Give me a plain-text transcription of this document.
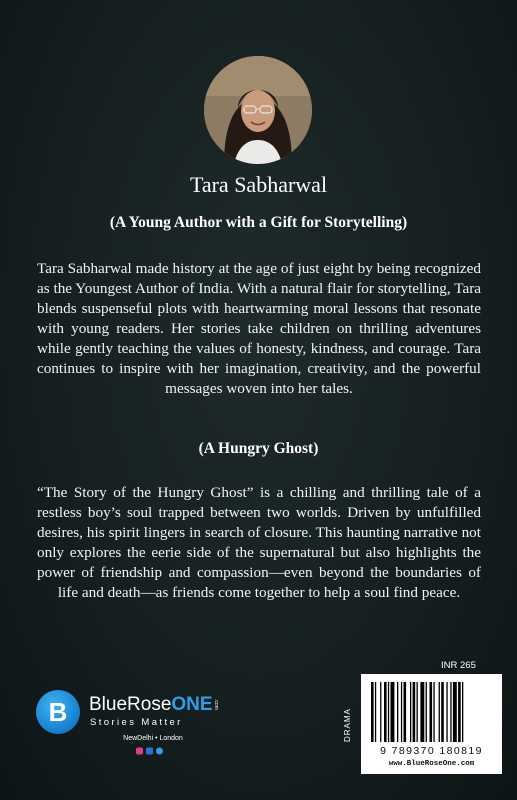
Tara Sabharwal
(A Young Author with a Gift for Storytelling)

Tara Sabharwal made history at the age of just eight by being recognized as the Youngest Author of India. With a natural flair for storytelling, Tara blends suspenseful plots with heartwarming moral lessons that resonate with young readers. Her stories take children on thrilling adventures while gently teaching the values of honesty, kindness, and courage. Tara continues to inspire with her imagination, creativity, and the powerful messages woven into her tales.

(A Hungry Ghost)

“The Story of the Hungry Ghost” is a chilling and thrilling tale of a restless boy’s soul trapped between two worlds. Driven by unfulfilled desires, his spirit lingers in search of closure. This haunting narrative not only explores the eerie side of the supernatural but also highlights the power of friendship and compassion—even beyond the boundaries of life and death—as friends come together to help a soul find peace.

B	BlueRoseONE .com
Stories Matter
NewDelhi • London
INR 265
DRAMA
9 789370 180819
www.BlueRoseOne.com
